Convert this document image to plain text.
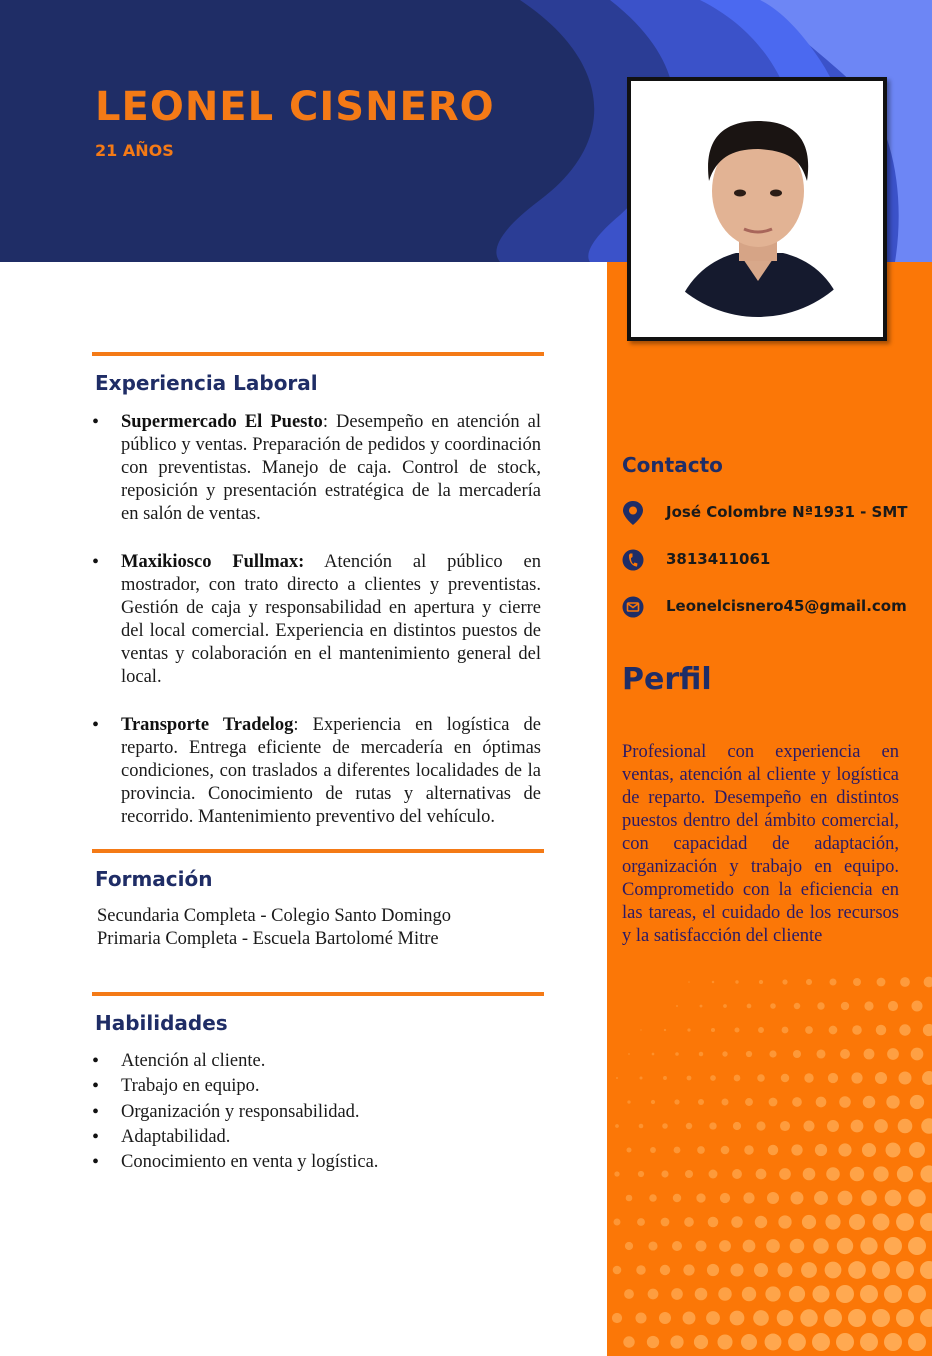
LEONEL CISNERO
21 AÑOS
Experiencia Laboral
• Supermercado El Puesto: Desempeño en atención al público y ventas. Preparación de pedidos y coordinación con preventistas. Manejo de caja. Control de stock, reposición y presentación estratégica de la mercadería en salón de ventas.
• Maxikiosco Fullmax: Atención al público en mostrador, con trato directo a clientes y preventistas. Gestión de caja y responsabilidad en apertura y cierre del local comercial. Experiencia en distintos puestos de ventas y colaboración en el mantenimiento general del local.
• Transporte Tradelog: Experiencia en logística de reparto. Entrega eficiente de mercadería en óptimas condiciones, con traslados a diferentes localidades de la provincia. Conocimiento de rutas y alternativas de recorrido. Mantenimiento preventivo del vehículo.
Formación
Secundaria Completa - Colegio Santo Domingo
Primaria Completa - Escuela Bartolomé Mitre
Habilidades
• Atención al cliente.
• Trabajo en equipo.
• Organización y responsabilidad.
• Adaptabilidad.
• Conocimiento en venta y logística.
Contacto
José Colombre Nª1931 - SMT
3813411061
Leonelcisnero45@gmail.com
Perfil

Profesional con experiencia en ventas, atención al cliente y logística de reparto. Desempeño en distintos puestos dentro del ámbito comercial, con capacidad de adaptación, organización y trabajo en equipo. Comprometido con la eficiencia en las tareas, el cuidado de los recursos y la satisfacción del cliente
